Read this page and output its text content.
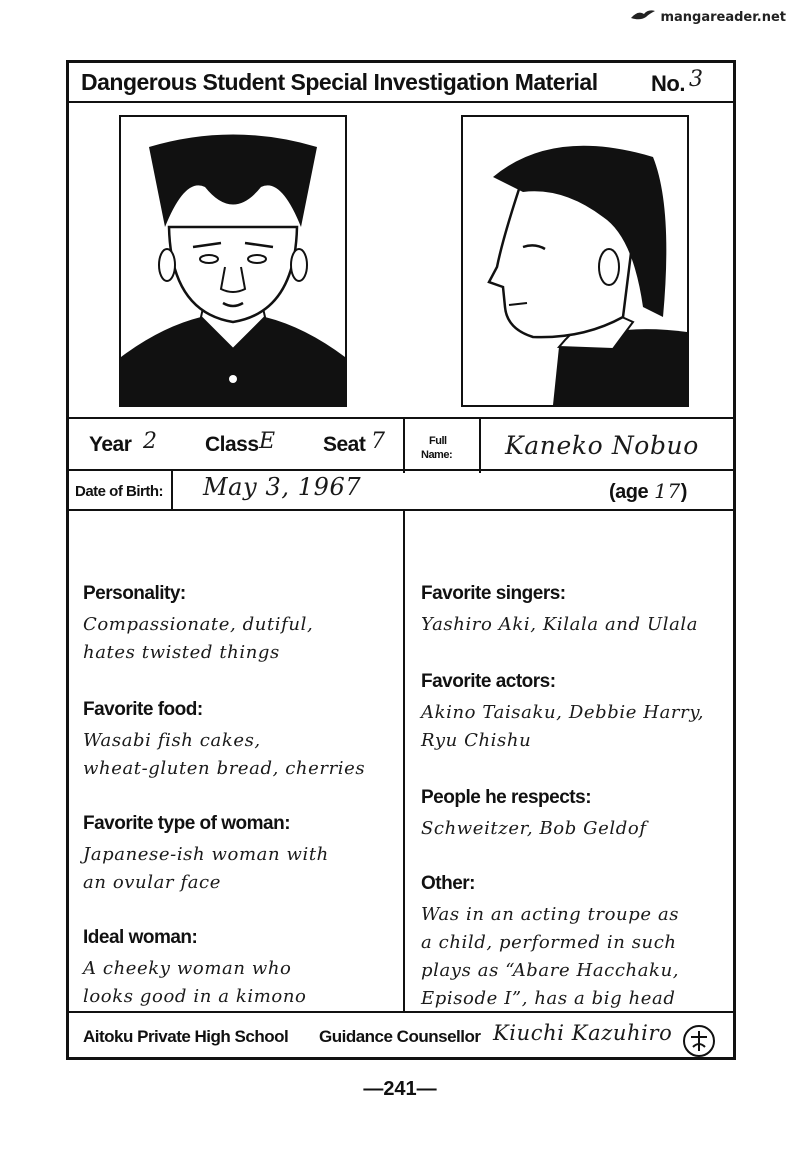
mangareader.net
Dangerous Student Special Investigation Material No. 3
Year 2 Class E Seat 7	Full
Name: Kaneko Nobuo
Date of Birth: May 3, 1967	(age 17)
Personality:
Compassionate, dutiful,
hates twisted things
Favorite food:
Wasabi fish cakes,
wheat-gluten bread, cherries
Favorite type of woman:
Japanese-ish woman with
an ovular face
Ideal woman:
A cheeky woman who
looks good in a kimono
Favorite singers:
Yashiro Aki, Kilala and Ulala
Favorite actors:
Akino Taisaku, Debbie Harry,
Ryu Chishu
People he respects:
Schweitzer, Bob Geldof
Other:
Was in an acting troupe as
a child, performed in such
plays as “Abare Hacchaku,
Episode I”, has a big head
Aitoku Private High School Guidance Counsellor Kiuchi Kazuhiro
—241—
